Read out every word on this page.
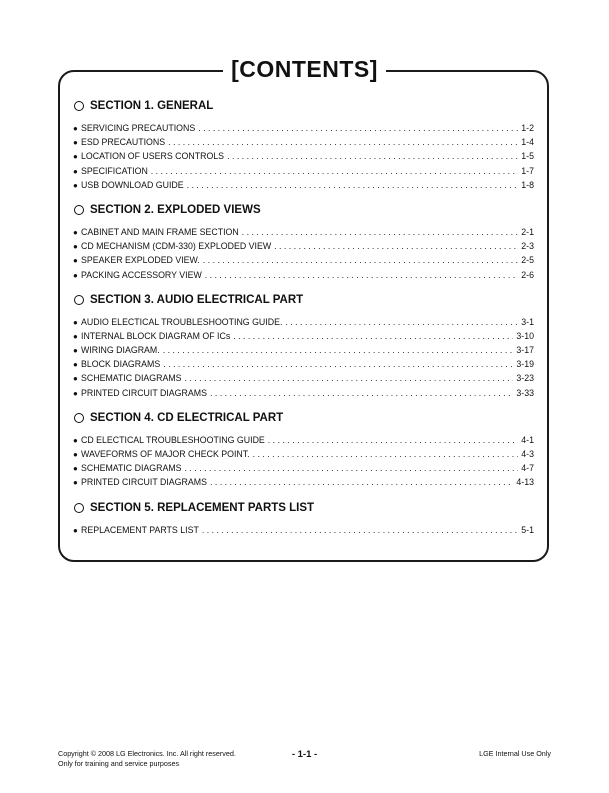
[CONTENTS]
SECTION 1. GENERAL
● SERVICING PRECAUTIONS . . .	1-2
● ESD PRECAUTIONS . . .	1-4
● LOCATION OF USERS CONTROLS . . .	1-5
● SPECIFICATION . . .	1-7
● USB DOWNLOAD GUIDE . . .	1-8
SECTION 2. EXPLODED VIEWS
● CABINET AND MAIN FRAME SECTION . . .	2-1
● CD MECHANISM (CDM-330) EXPLODED VIEW . . .	2-3
● SPEAKER EXPLODED VIEW. . . .	2-5
● PACKING ACCESSORY VIEW . . .	2-6
SECTION 3. AUDIO ELECTRICAL PART
● AUDIO ELECTICAL TROUBLESHOOTING GUIDE. . . .	3-1
● INTERNAL BLOCK DIAGRAM OF ICs . . .	3-10
● WIRING DIAGRAM. . . .	3-17
● BLOCK DIAGRAMS . . .	3-19
● SCHEMATIC DIAGRAMS . . .	3-23
● PRINTED CIRCUIT DIAGRAMS . . .	3-33
SECTION 4. CD ELECTRICAL PART
● CD ELECTICAL TROUBLESHOOTING GUIDE . . .	4-1
● WAVEFORMS OF MAJOR CHECK POINT. . . .	4-3
● SCHEMATIC DIAGRAMS . . .	4-7
● PRINTED CIRCUIT DIAGRAMS . . .	4-13
SECTION 5. REPLACEMENT PARTS LIST
● REPLACEMENT PARTS LIST . . .	5-1
Copyright © 2008 LG Electronics. Inc. All right reserved.
Only for training and service purposes
- 1-1 -	LGE Internal Use Only
